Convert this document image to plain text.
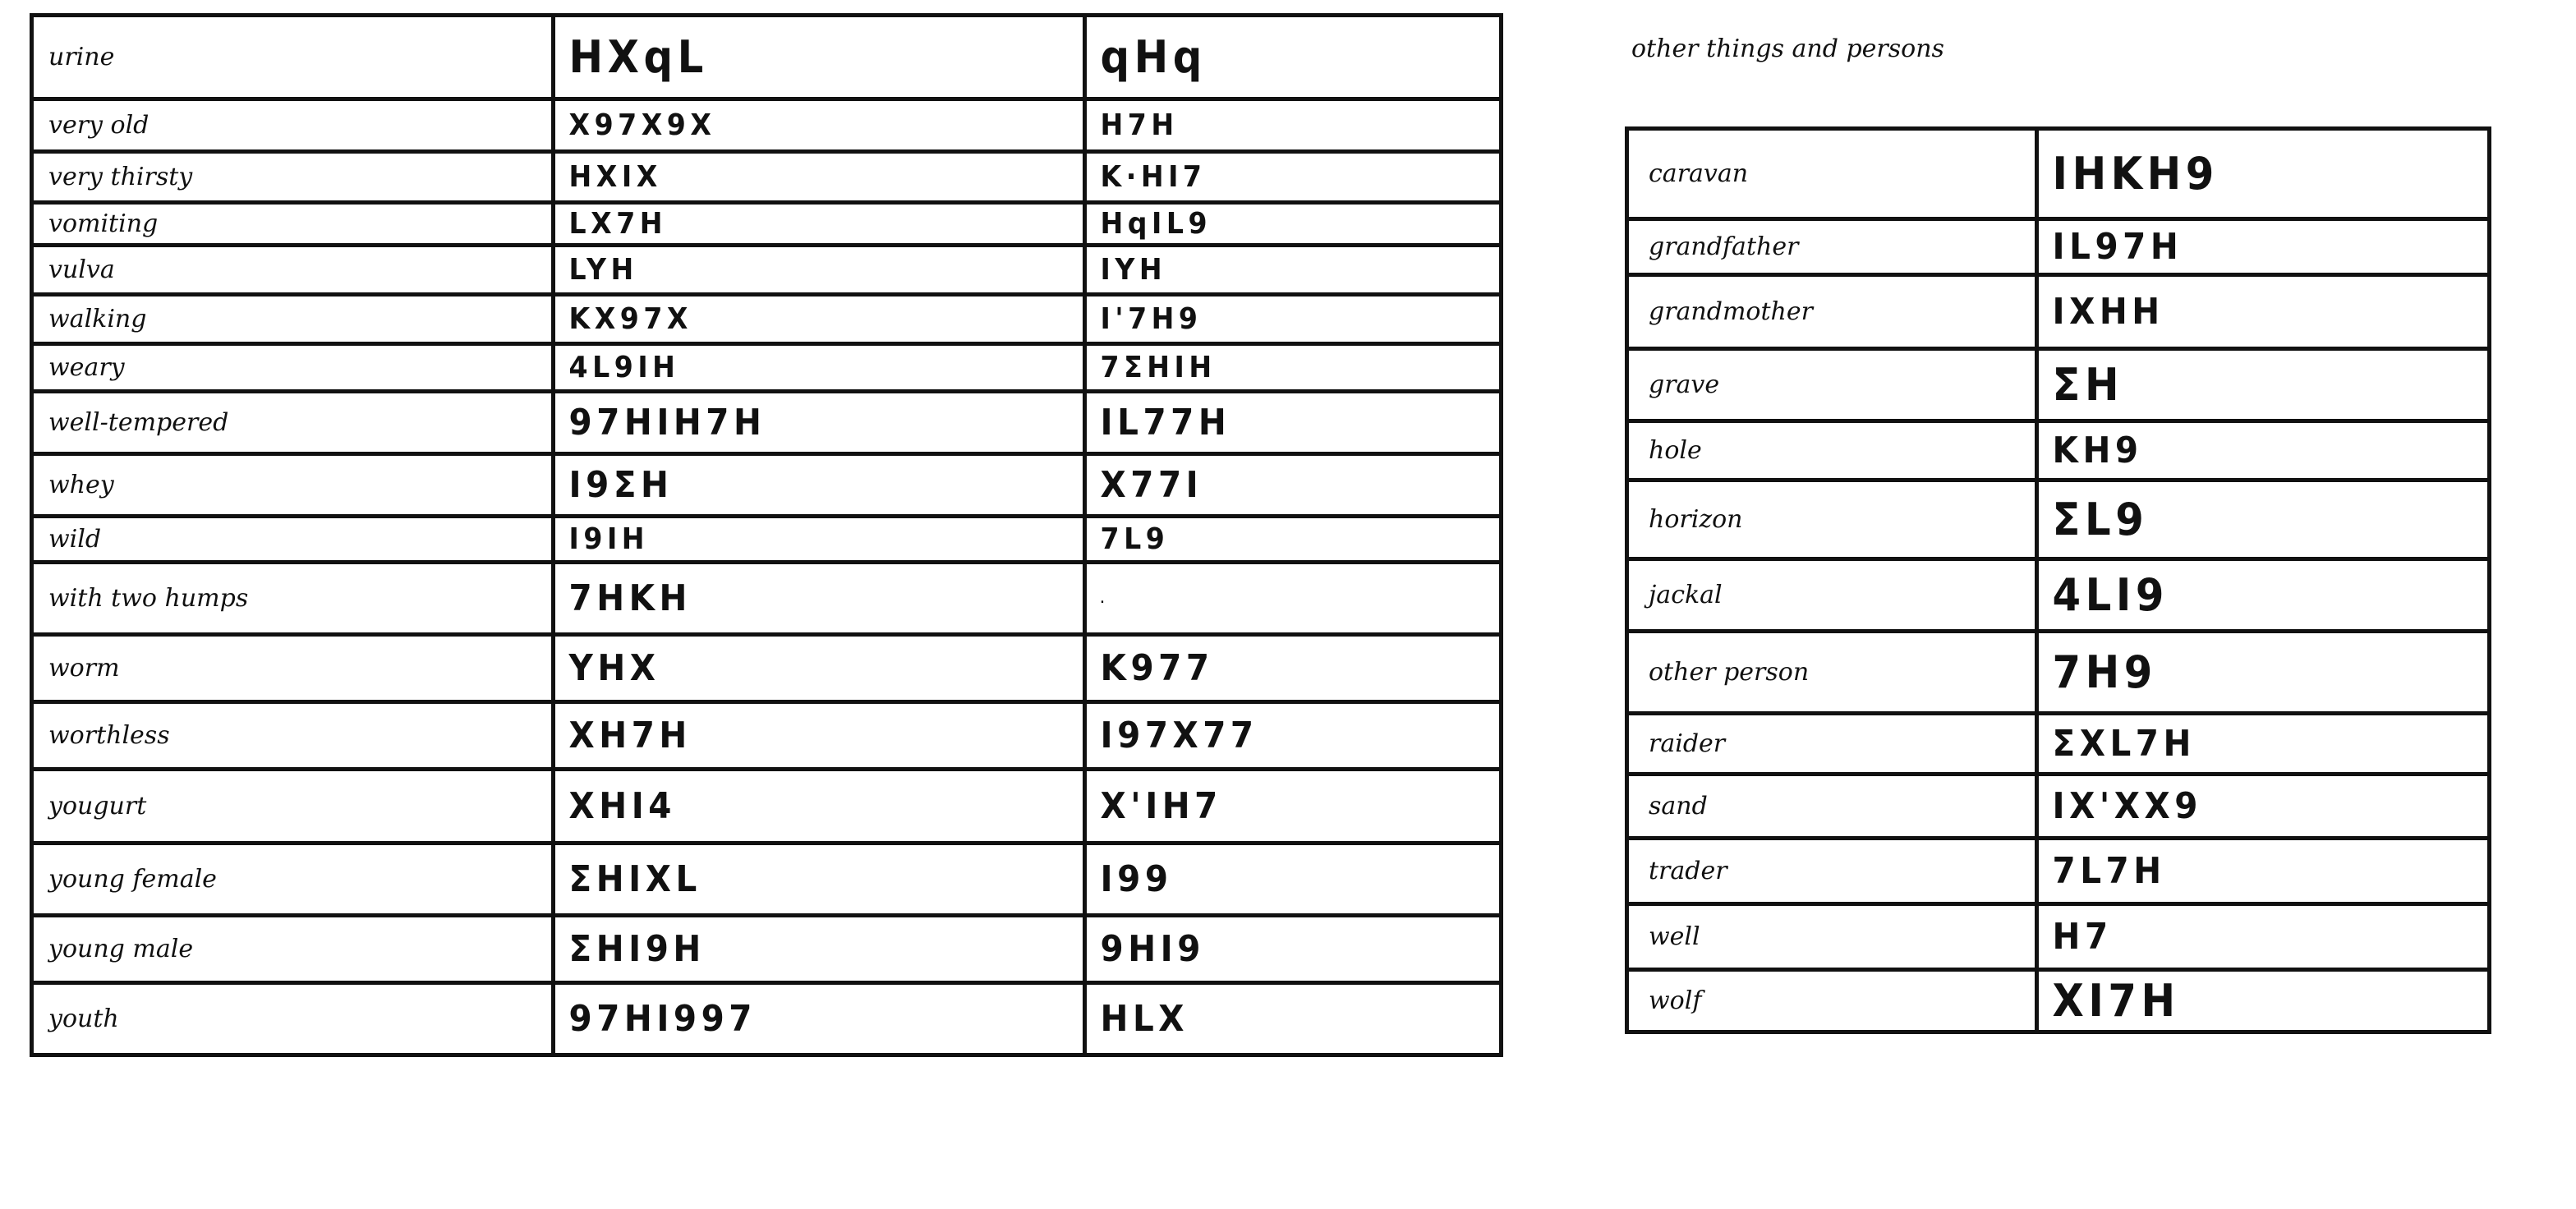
urine	HXqL	qHq
very old	X97X9X	H7H
very thirsty	HXIX	K·HI7
vomiting	LX7H	HqIL9
vulva	LYH	IYH
walking	KX97X	I'7H9
weary	4L9IH	7ΣHIH
well-tempered	97HIH7H	IL77H
whey	I9ΣH	X77I
wild	I9IH	7L9
with two humps	7HKH	.
worm	YHX	K977
worthless	XH7H	I97X77
yougurt	XHI4	X'IH7
young female	ΣHIXL	I99
young male	ΣHI9H	9HI9
youth	97HI997	HLX
other things and persons
caravan	IHKH9
grandfather	IL97H
grandmother	IXHH
grave	ΣH
hole	KH9
horizon	ΣL9
jackal	4LI9
other person	7H9
raider	ΣXL7H
sand	IX'XX9
trader	7L7H
well	H7
wolf	XI7H
